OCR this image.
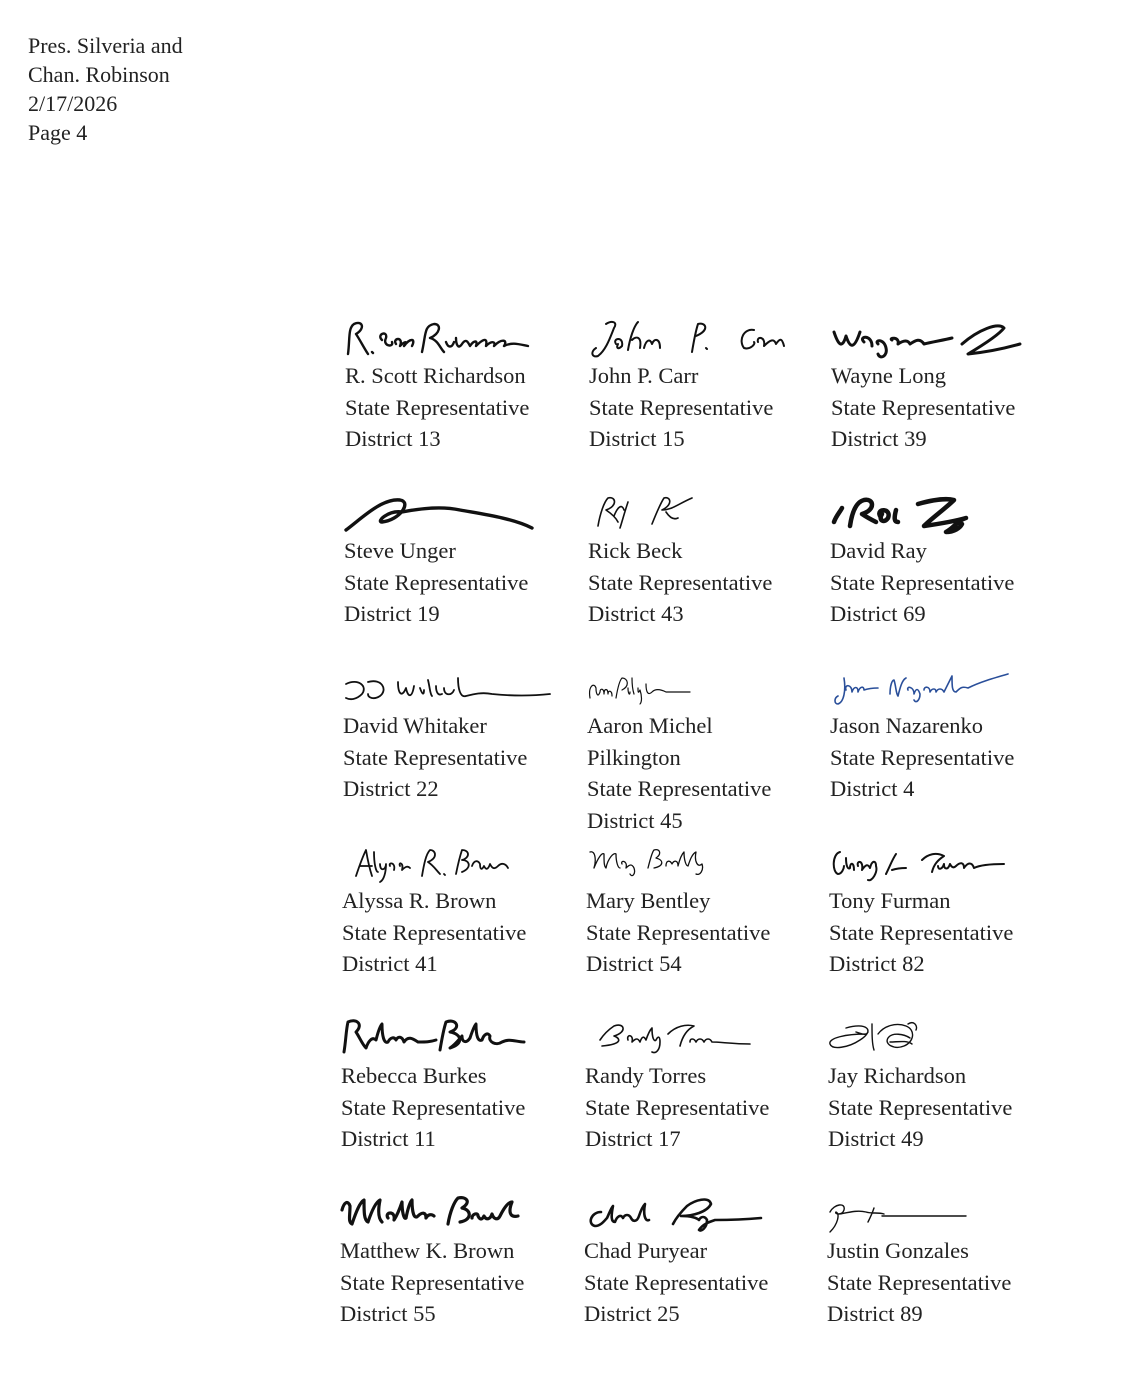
Pres. Silveria and
Chan. Robinson
2/17/2026
Page 4
R. Scott Richardson
State Representative
District 13
John P. Carr
State Representative
District 15
Wayne Long
State Representative
District 39
Steve Unger
State Representative
District 19
Rick Beck
State Representative
District 43
David Ray
State Representative
District 69
David Whitaker
State Representative
District 22
Aaron Michel
Pilkington
State Representative
District 45
Jason Nazarenko
State Representative
District 4
Alyssa R. Brown
State Representative
District 41
Mary Bentley
State Representative
District 54
Tony Furman
State Representative
District 82
Rebecca Burkes
State Representative
District 11
Randy Torres
State Representative
District 17
Jay Richardson
State Representative
District 49
Matthew K. Brown
State Representative
District 55
Chad Puryear
State Representative
District 25
Justin Gonzales
State Representative
District 89
